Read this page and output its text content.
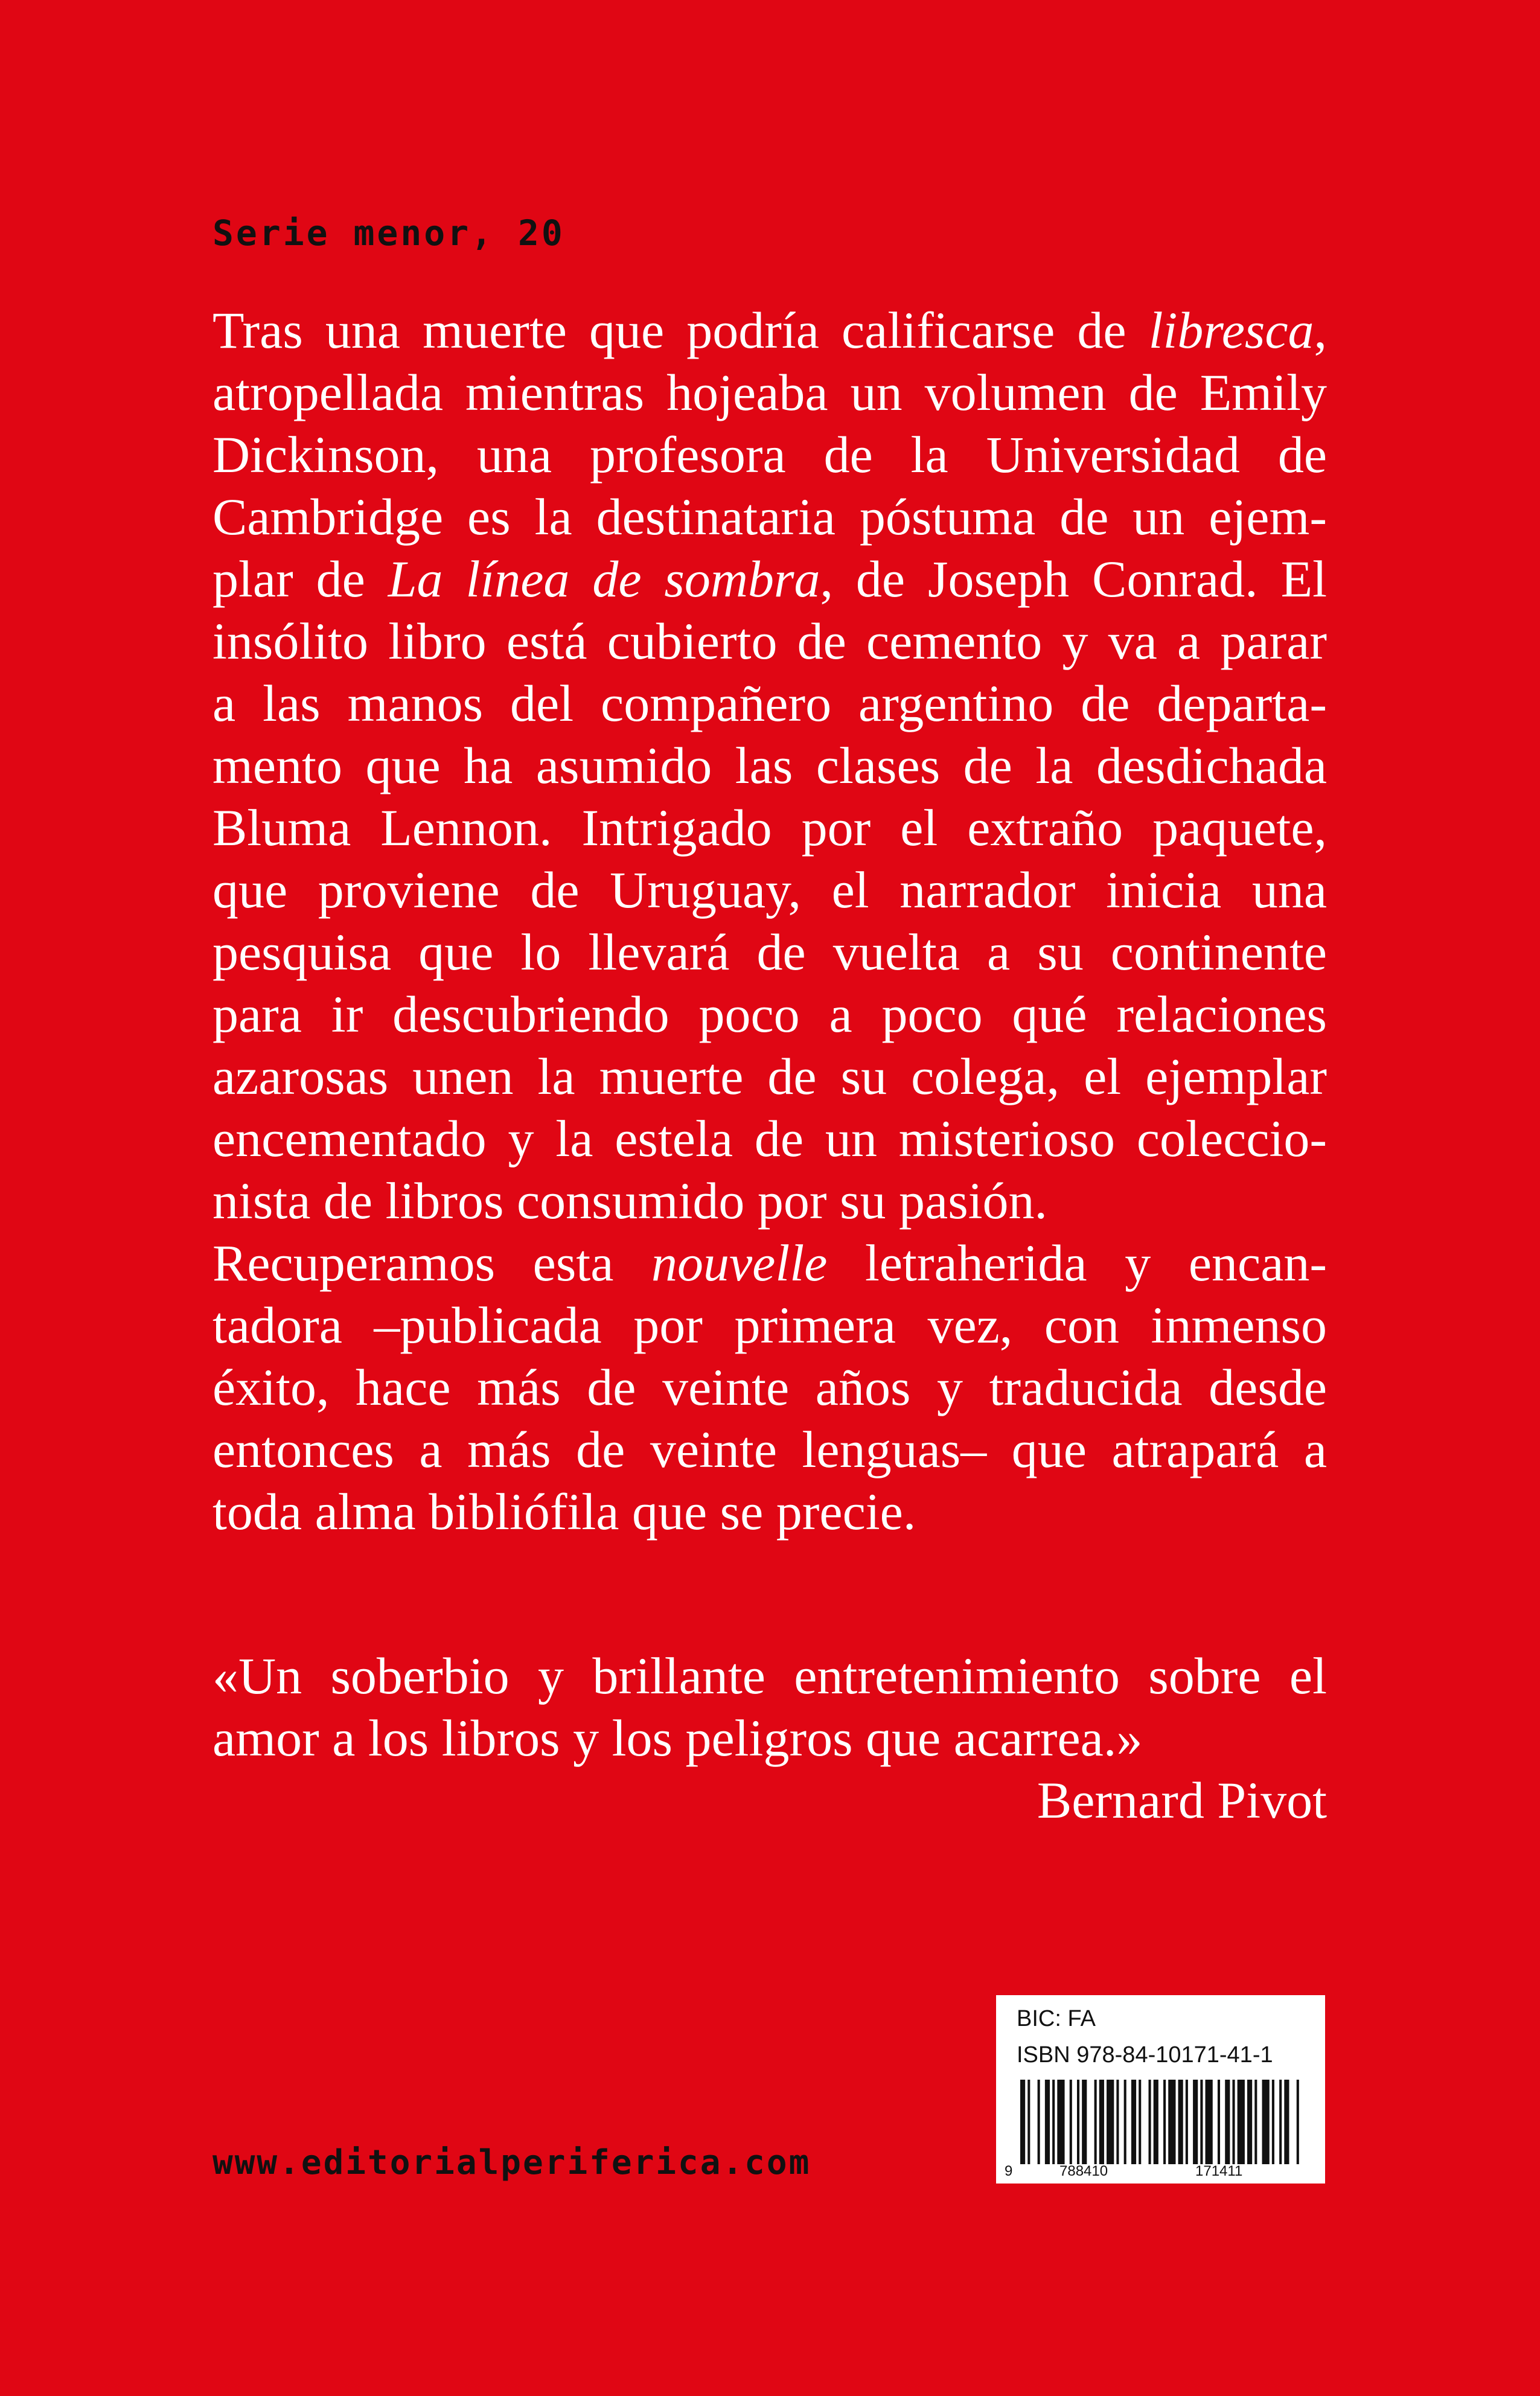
Serie menor, 20
Tras una muerte que podría calificarse de libresca,
atropellada mientras hojeaba un volumen de Emily
Dickinson, una profesora de la Universidad de
Cambridge es la destinataria póstuma de un ejem-
plar de La línea de sombra, de Joseph Conrad. El
insólito libro está cubierto de cemento y va a parar
a las manos del compañero argentino de departa-
mento que ha asumido las clases de la desdichada
Bluma Lennon. Intrigado por el extraño paquete,
que proviene de Uruguay, el narrador inicia una
pesquisa que lo llevará de vuelta a su continente
para ir descubriendo poco a poco qué relaciones
azarosas unen la muerte de su colega, el ejemplar
encementado y la estela de un misterioso coleccio-
nista de libros consumido por su pasión.
Recuperamos esta nouvelle letraherida y encan-
tadora –publicada por primera vez, con inmenso
éxito, hace más de veinte años y traducida desde
entonces a más de veinte lenguas– que atrapará a
toda alma bibliófila que se precie.
«Un soberbio y brillante entretenimiento sobre el
amor a los libros y los peligros que acarrea.»
Bernard Pivot
www.editorialperiferica.com
BIC: FA
ISBN 978-84-10171-41-1
9	788410	171411
